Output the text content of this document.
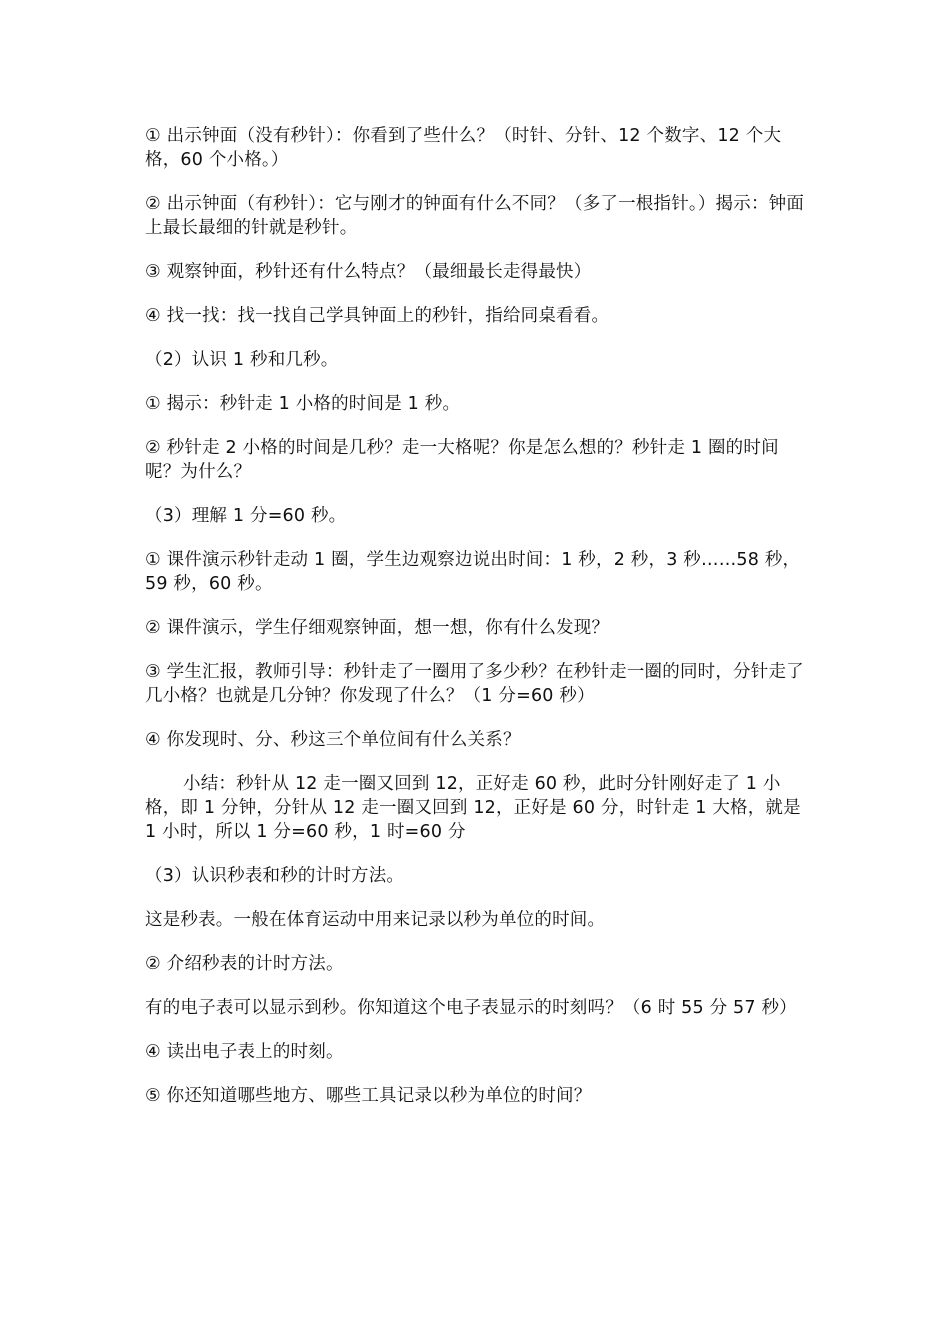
① 出示钟面（没有秒针）：你看到了些什么？（时针、分针、12 个数字、12 个大格，60 个小格。）

② 出示钟面（有秒针）：它与刚才的钟面有什么不同？（多了一根指针。）揭示：钟面上最长最细的针就是秒针。

③ 观察钟面，秒针还有什么特点？（最细最长走得最快）

④ 找一找：找一找自己学具钟面上的秒针，指给同桌看看。

（2）认识 1 秒和几秒。

① 揭示：秒针走 1 小格的时间是 1 秒。

② 秒针走 2 小格的时间是几秒？走一大格呢？你是怎么想的？秒针走 1 圈的时间呢？为什么？

（3）理解 1 分=60 秒。

① 课件演示秒针走动 1 圈，学生边观察边说出时间：1 秒，2 秒，3 秒……58 秒，59 秒，60 秒。

② 课件演示，学生仔细观察钟面，想一想，你有什么发现？

③ 学生汇报，教师引导：秒针走了一圈用了多少秒？在秒针走一圈的同时，分针走了几小格？也就是几分钟？你发现了什么？（1 分=60 秒）

④ 你发现时、分、秒这三个单位间有什么关系？

小结：秒针从 12 走一圈又回到 12，正好走 60 秒，此时分针刚好走了 1 小格，即 1 分钟，分针从 12 走一圈又回到 12，正好是 60 分，时针走 1 大格，就是 1 小时，所以 1 分=60 秒，1 时=60 分

（3）认识秒表和秒的计时方法。

这是秒表。一般在体育运动中用来记录以秒为单位的时间。

② 介绍秒表的计时方法。

有的电子表可以显示到秒。你知道这个电子表显示的时刻吗？（6 时 55 分 57 秒）

④ 读出电子表上的时刻。

⑤ 你还知道哪些地方、哪些工具记录以秒为单位的时间？
